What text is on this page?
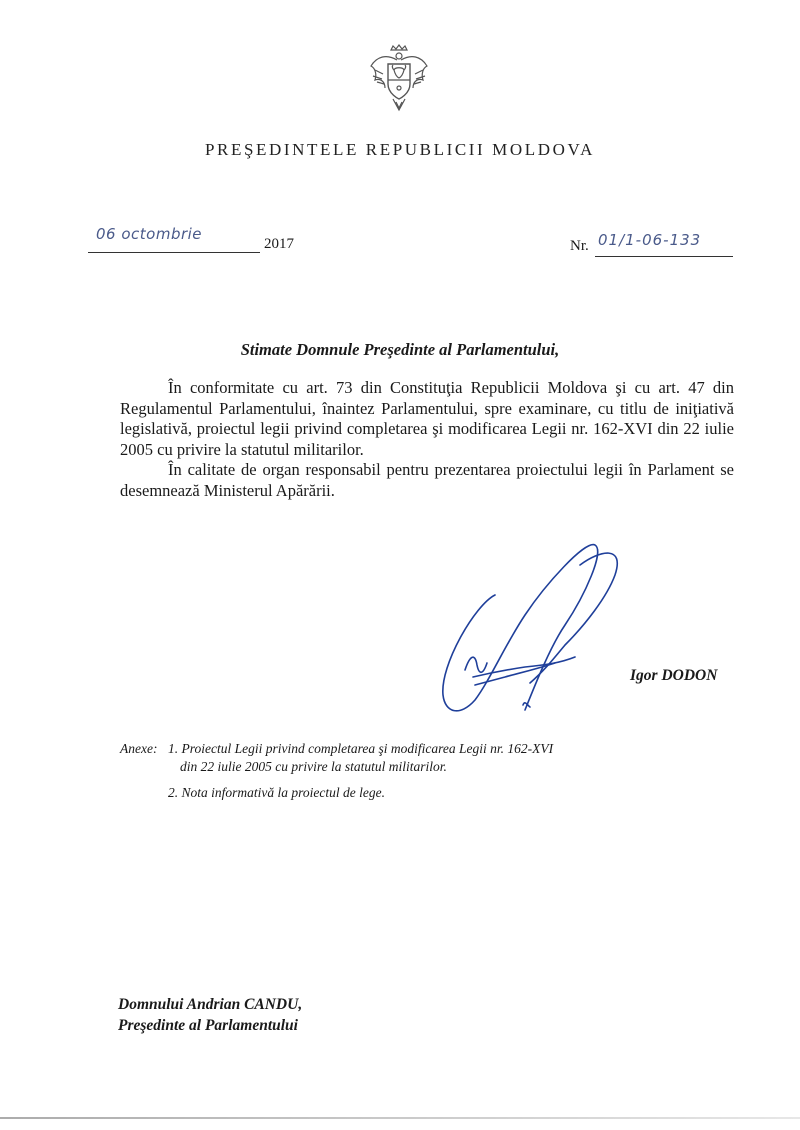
PREŞEDINTELE REPUBLICII MOLDOVA
06 octombrie
2017	Nr. 01/1-06-133
Stimate Domnule Preşedinte al Parlamentului,

În conformitate cu art. 73 din Constituţia Republicii Moldova şi cu art. 47 din Regulamentul Parlamentului, înaintez Parlamentului, spre examinare, cu titlu de iniţiativă legislativă, proiectul legii privind completarea şi modificarea Legii nr. 162-XVI din 22 iulie 2005 cu privire la statutul militarilor.

În calitate de organ responsabil pentru prezentarea proiectului legii în Parlament se desemnează Ministerul Apărării.

Igor DODON
Anexe: 1. Proiectul Legii privind completarea şi modificarea Legii nr. 162-XVI
din 22 iulie 2005 cu privire la statutul militarilor.
2. Nota informativă la proiectul de lege.
Domnului Andrian CANDU,
Preşedinte al Parlamentului
